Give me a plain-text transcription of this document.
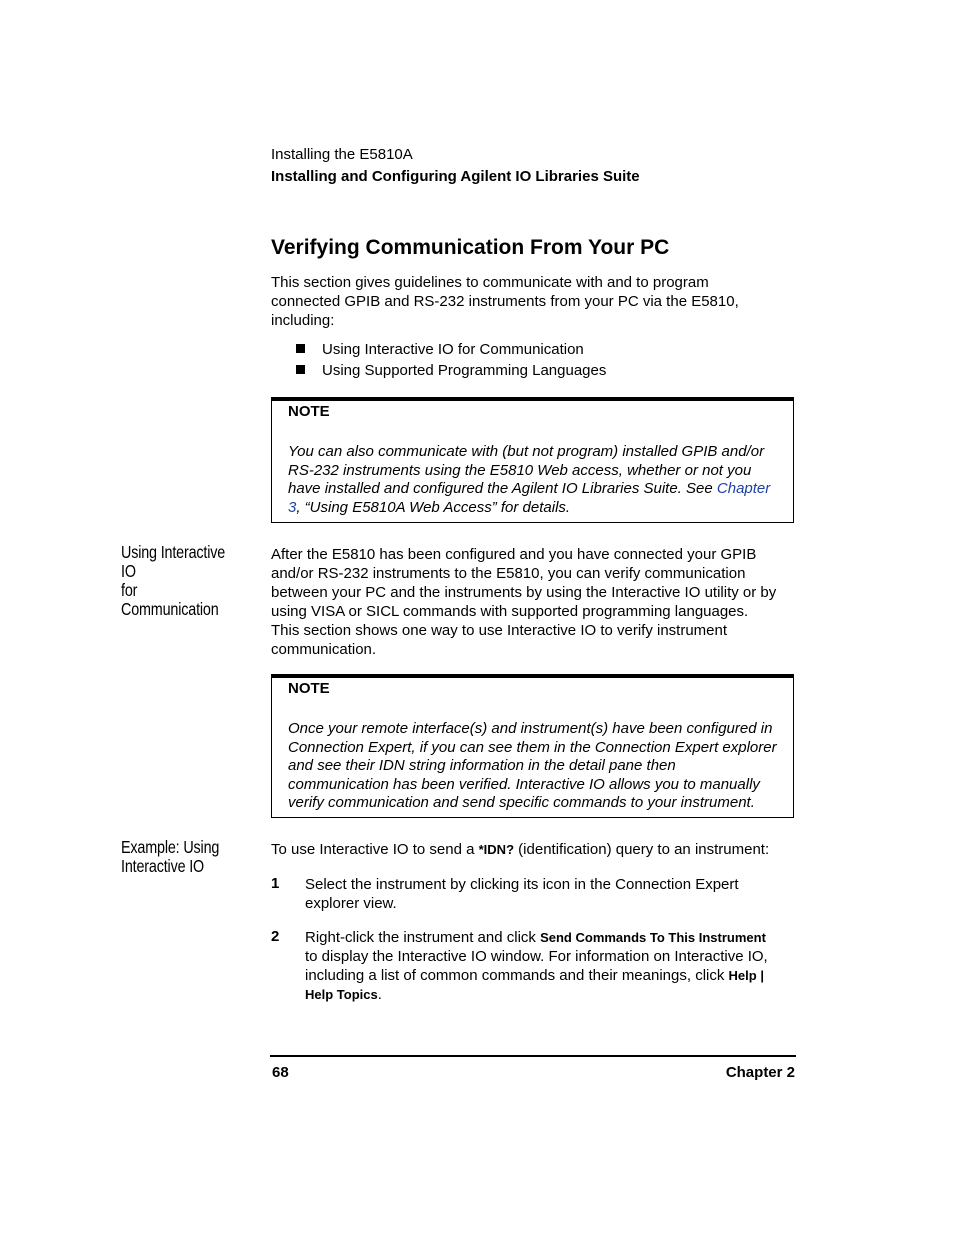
Installing the E5810A
Installing and Configuring Agilent IO Libraries Suite
Verifying Communication From Your PC
This section gives guidelines to communicate with and to program
connected GPIB and RS-232 instruments from your PC via the E5810,
including:
Using Interactive IO for Communication
Using Supported Programming Languages
NOTE
You can also communicate with (but not program) installed GPIB and/or
RS-232 instruments using the E5810 Web access, whether or not you
have installed and configured the Agilent IO Libraries Suite. See Chapter
3, “Using E5810A Web Access” for details.
Using Interactive IO
for Communication
After the E5810 has been configured and you have connected your GPIB
and/or RS-232 instruments to the E5810, you can verify communication
between your PC and the instruments by using the Interactive IO utility or by
using VISA or SICL commands with supported programming languages.
This section shows one way to use Interactive IO to verify instrument
communication.
NOTE
Once your remote interface(s) and instrument(s) have been configured in
Connection Expert, if you can see them in the Connection Expert explorer
and see their IDN string information in the detail pane then
communication has been verified. Interactive IO allows you to manually
verify communication and send specific commands to your instrument.
Example: Using
Interactive IO
To use Interactive IO to send a *IDN? (identification) query to an instrument:
1 Select the instrument by clicking its icon in the Connection Expert
explorer view.
2 Right-click the instrument and click Send Commands To This Instrument
to display the Interactive IO window. For information on Interactive IO,
including a list of common commands and their meanings, click Help |
Help Topics.
68	Chapter 2
